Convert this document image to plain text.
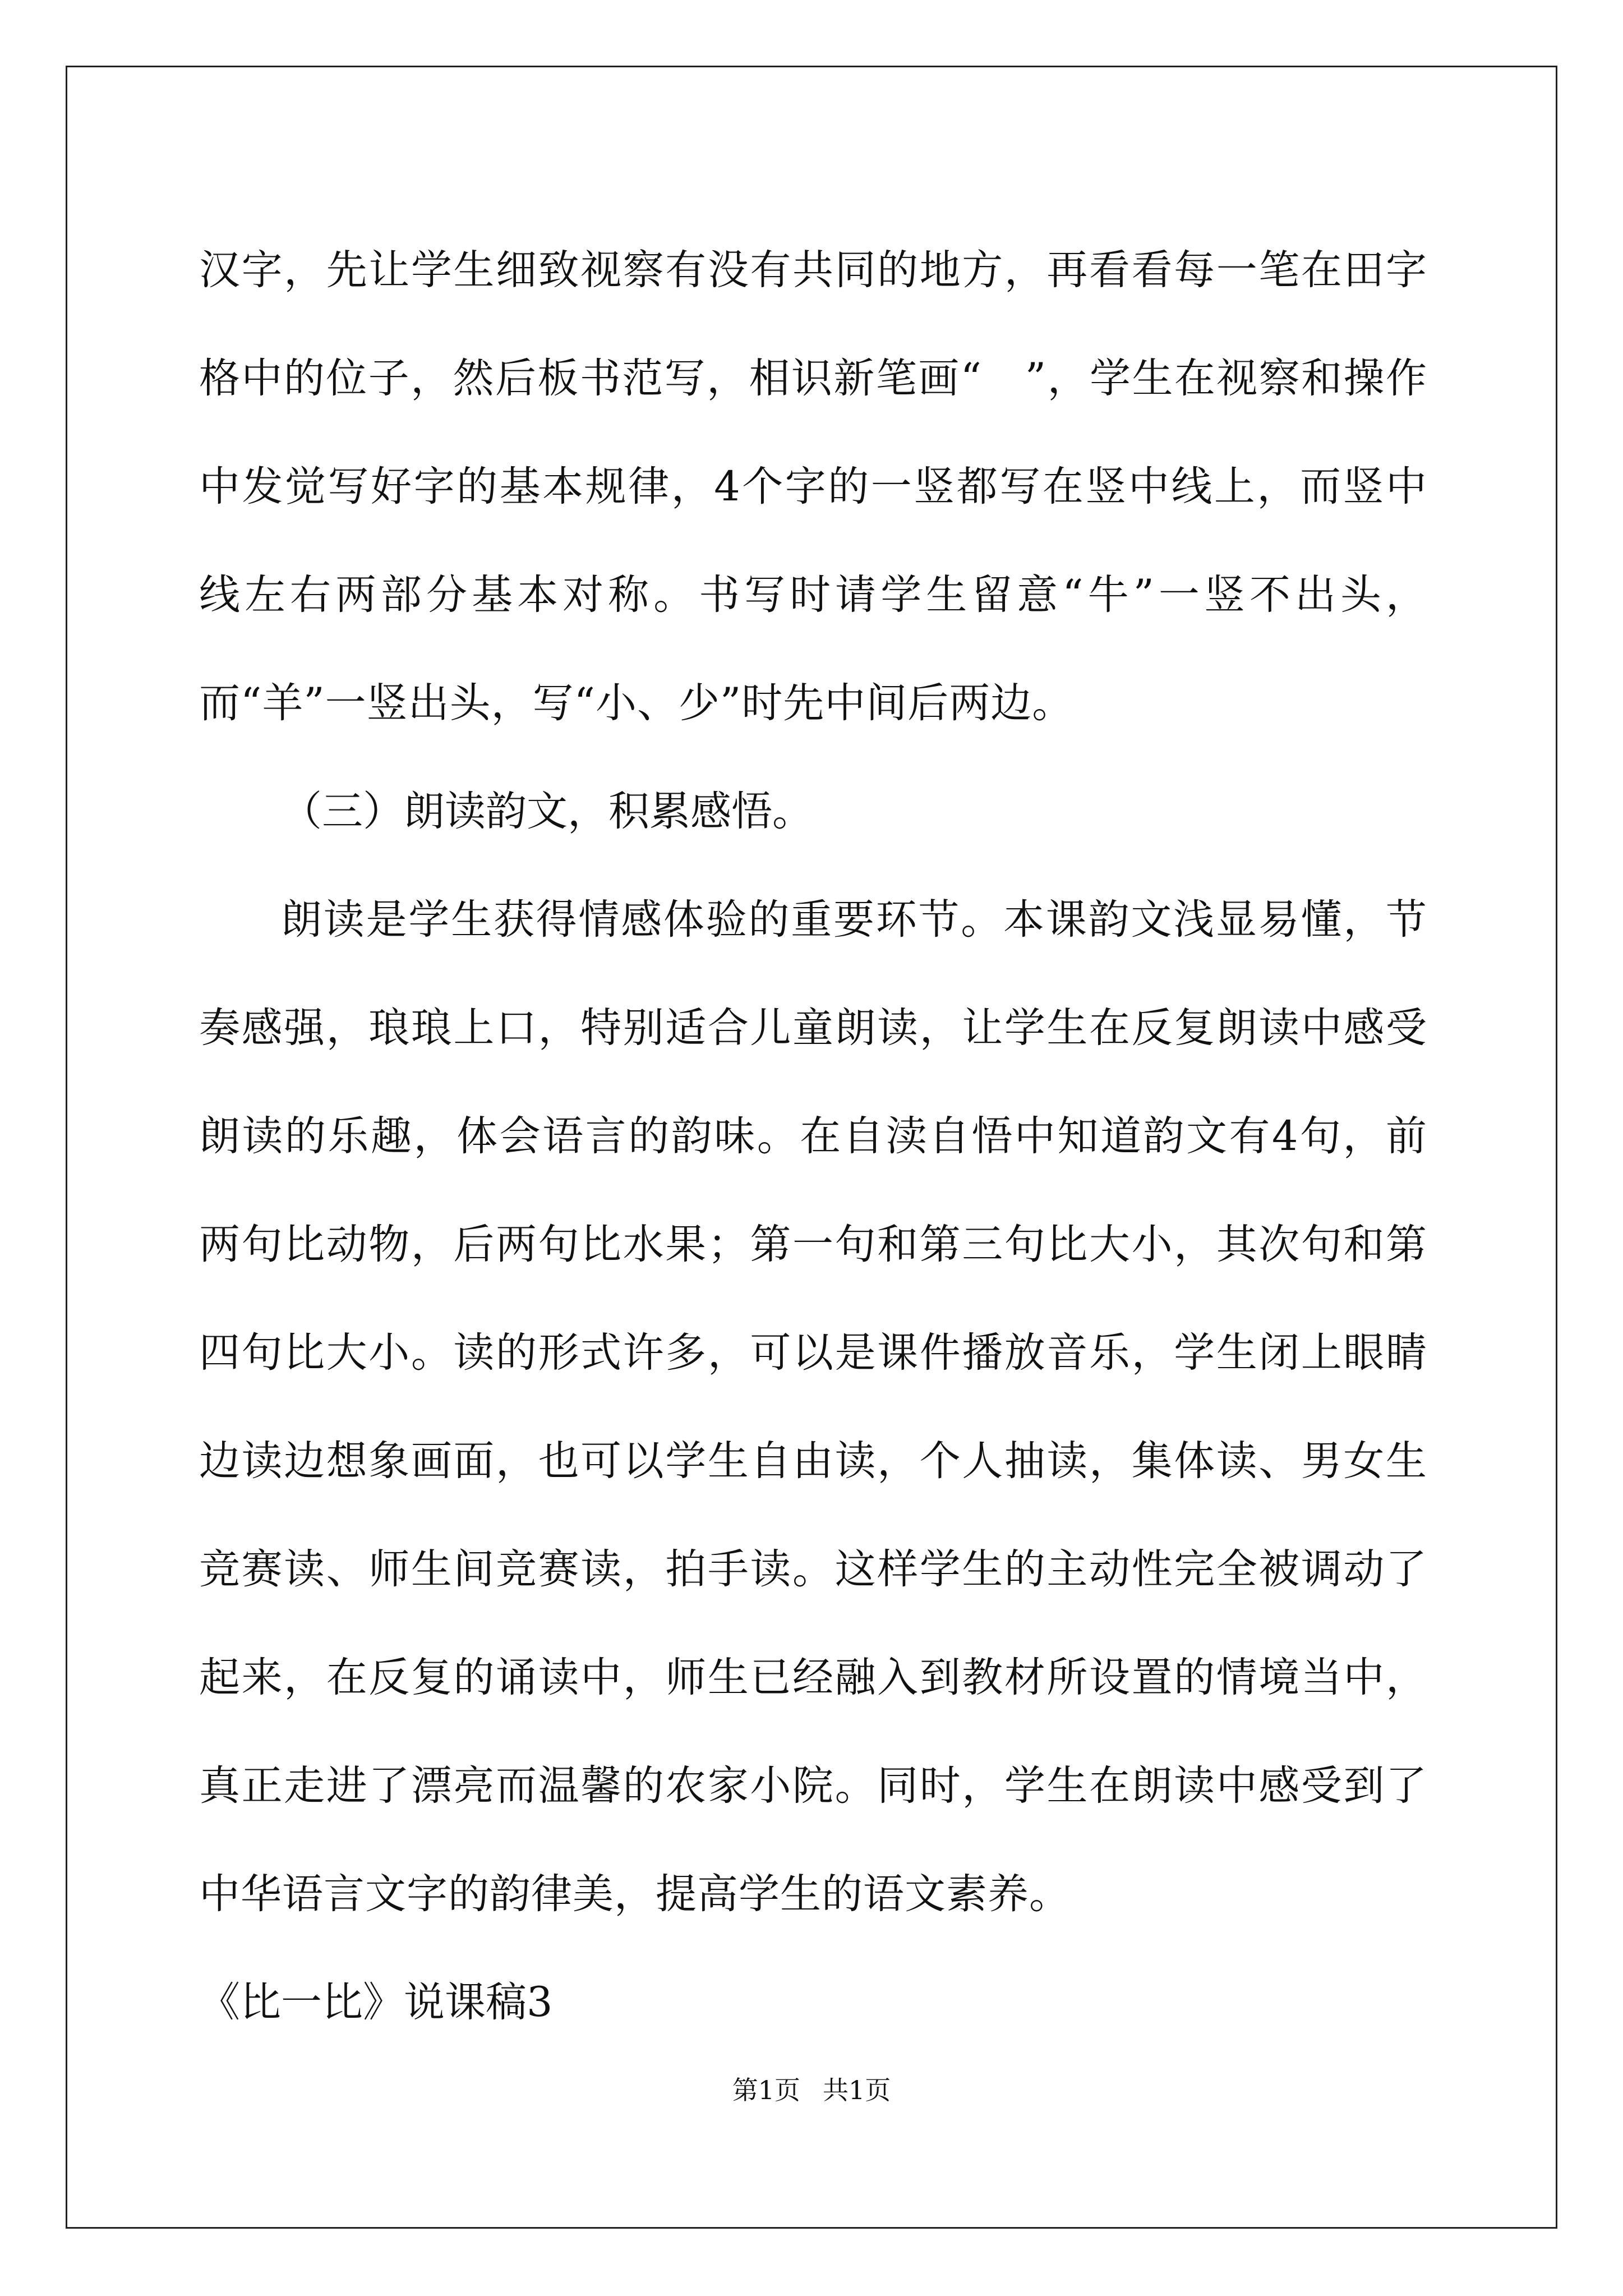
汉字，先让学生细致视察有没有共同的地方，再看看每一笔在田字格中的位子，然后板书范写，相识新笔画“　”，学生在视察和操作中发觉写好字的基本规律，4个字的一竖都写在竖中线上，而竖中线左右两部分基本对称。书写时请学生留意“牛”一竖不出头，而“羊”一竖出头，写“小、少”时先中间后两边。

（三）朗读韵文，积累感悟。

朗读是学生获得情感体验的重要环节。本课韵文浅显易懂，节奏感强，琅琅上口，特别适合儿童朗读，让学生在反复朗读中感受朗读的乐趣，体会语言的韵味。在自渎自悟中知道韵文有4句，前两句比动物，后两句比水果；第一句和第三句比大小，其次句和第四句比大小。读的形式许多，可以是课件播放音乐，学生闭上眼睛边读边想象画面，也可以学生自由读，个人抽读，集体读、男女生竞赛读、师生间竞赛读，拍手读。这样学生的主动性完全被调动了起来，在反复的诵读中，师生已经融入到教材所设置的情境当中，真正走进了漂亮而温馨的农家小院。同时，学生在朗读中感受到了中华语言文字的韵律美，提高学生的语文素养。

《比一比》说课稿3

第1页 共1页
